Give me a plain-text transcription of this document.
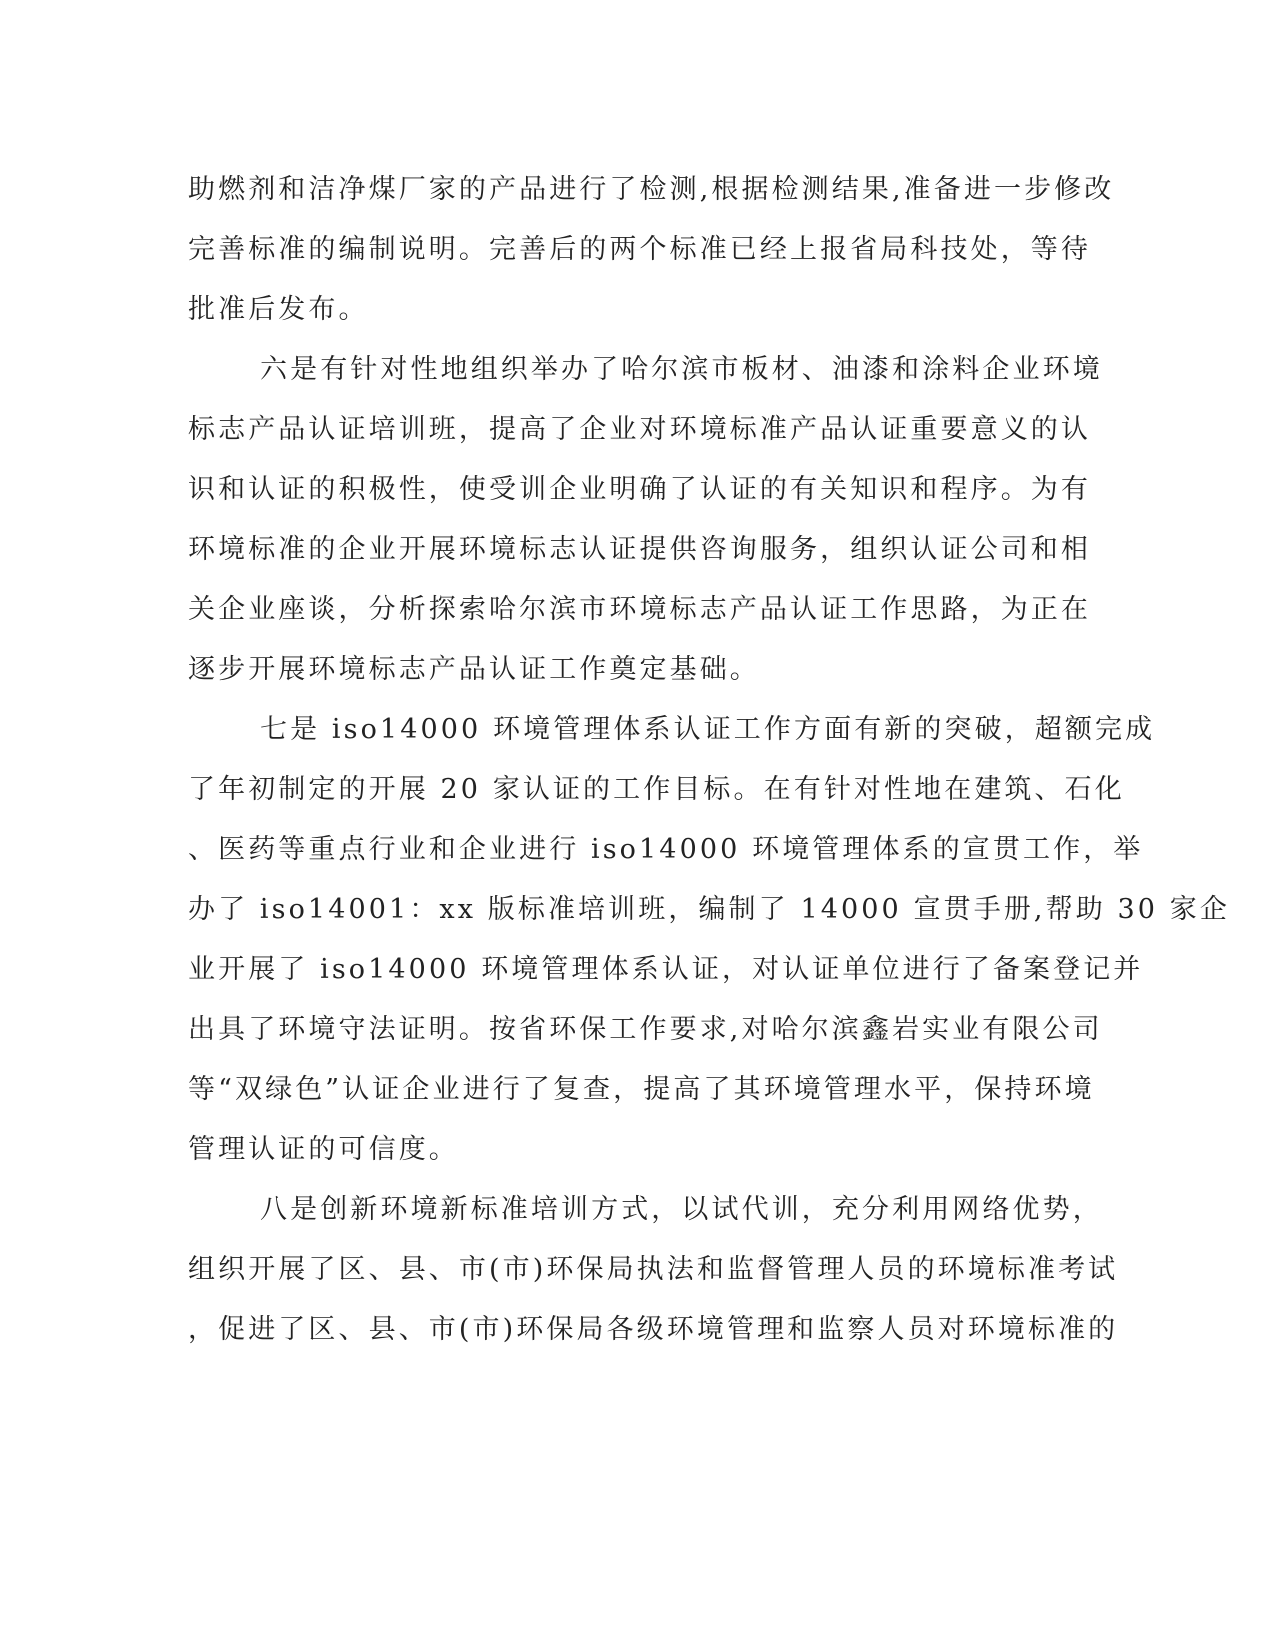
助燃剂和洁净煤厂家的产品进行了检测,根据检测结果,准备进一步修改
完善标准的编制说明。完善后的两个标准已经上报省局科技处，等待
批准后发布。
六是有针对性地组织举办了哈尔滨市板材、油漆和涂料企业环境
标志产品认证培训班，提高了企业对环境标准产品认证重要意义的认
识和认证的积极性，使受训企业明确了认证的有关知识和程序。为有
环境标准的企业开展环境标志认证提供咨询服务，组织认证公司和相
关企业座谈，分析探索哈尔滨市环境标志产品认证工作思路，为正在
逐步开展环境标志产品认证工作奠定基础。
七是 iso14000 环境管理体系认证工作方面有新的突破，超额完成
了年初制定的开展 20 家认证的工作目标。在有针对性地在建筑、石化
、医药等重点行业和企业进行 iso14000 环境管理体系的宣贯工作，举
办了 iso14001：xx 版标准培训班，编制了 14000 宣贯手册,帮助 30 家企
业开展了 iso14000 环境管理体系认证，对认证单位进行了备案登记并
出具了环境守法证明。按省环保工作要求,对哈尔滨鑫岩实业有限公司
等“双绿色”认证企业进行了复查，提高了其环境管理水平，保持环境
管理认证的可信度。
八是创新环境新标准培训方式，以试代训，充分利用网络优势，
组织开展了区、县、市(市)环保局执法和监督管理人员的环境标准考试
，促进了区、县、市(市)环保局各级环境管理和监察人员对环境标准的
